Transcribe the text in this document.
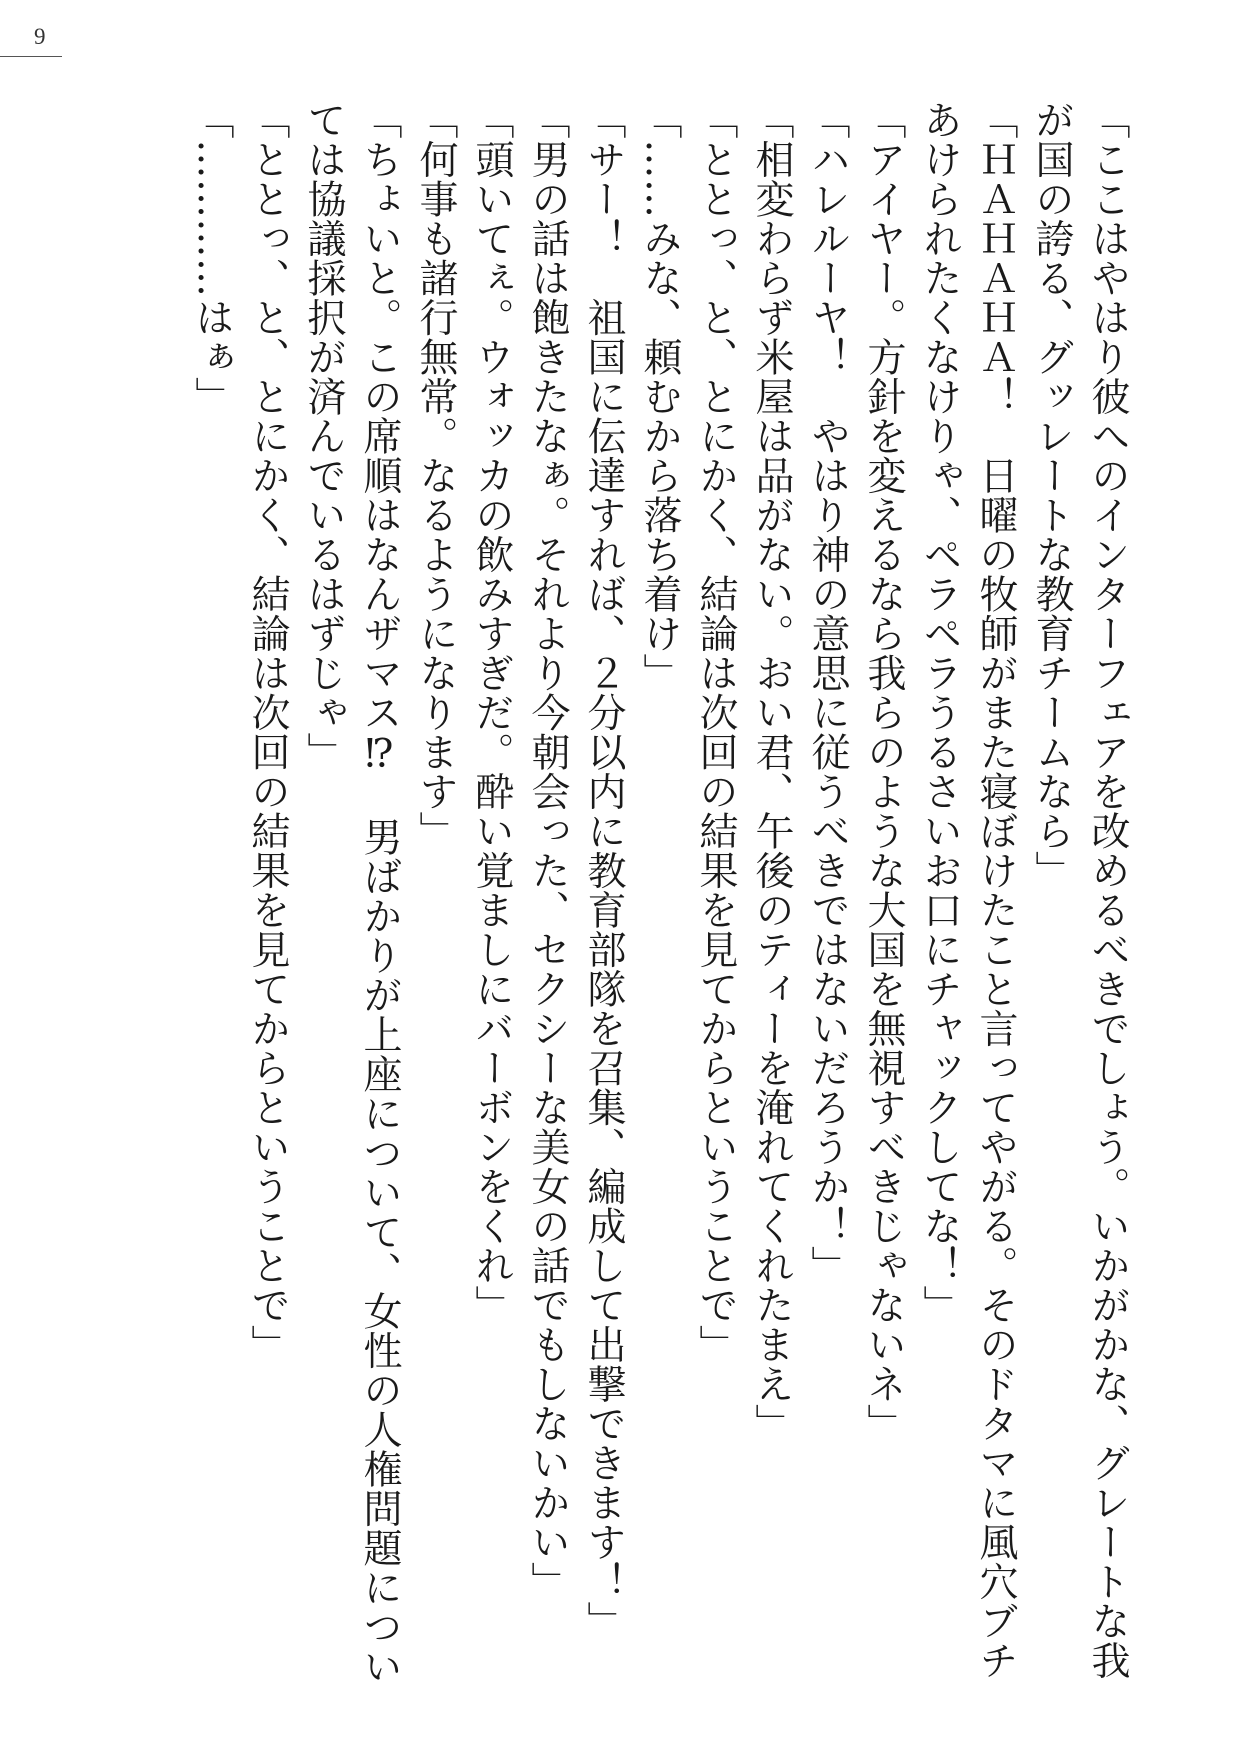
9
「ここはやはり彼へのインターフェアを改めるべきでしょう。いかがかな、グレートな我
が国の誇る、グッレートな教育チームなら」
「ＨＡＨＡＨＡ！　日曜の牧師がまた寝ぼけたこと言ってやがる。そのドタマに風穴ブチ
あけられたくなけりゃ、ペラペラうるさいお口にチャックしてな！」
「アイヤー。方針を変えるなら我らのような大国を無視すべきじゃないネ」
「ハレルーヤ！　やはり神の意思に従うべきではないだろうか！」
「相変わらず米屋は品がない。おい君、午後のティーを淹れてくれたまえ」
「ととっ、と、とにかく、結論は次回の結果を見てからということで」
「……みな、頼むから落ち着け」
「サー！　祖国に伝達すれば、２分以内に教育部隊を召集、編成して出撃できます！」
「男の話は飽きたなぁ。それより今朝会った、セクシーな美女の話でもしないかい」
「頭いてぇ。ウォッカの飲みすぎだ。酔い覚ましにバーボンをくれ」
「何事も諸行無常。なるようになります」
「ちょいと。この席順はなんザマス⁉　男ばかりが上座について、女性の人権問題につい
ては協議採択が済んでいるはずじゃ」
「ととっ、と、とにかく、結論は次回の結果を見てからということで」
「…………はぁ」
